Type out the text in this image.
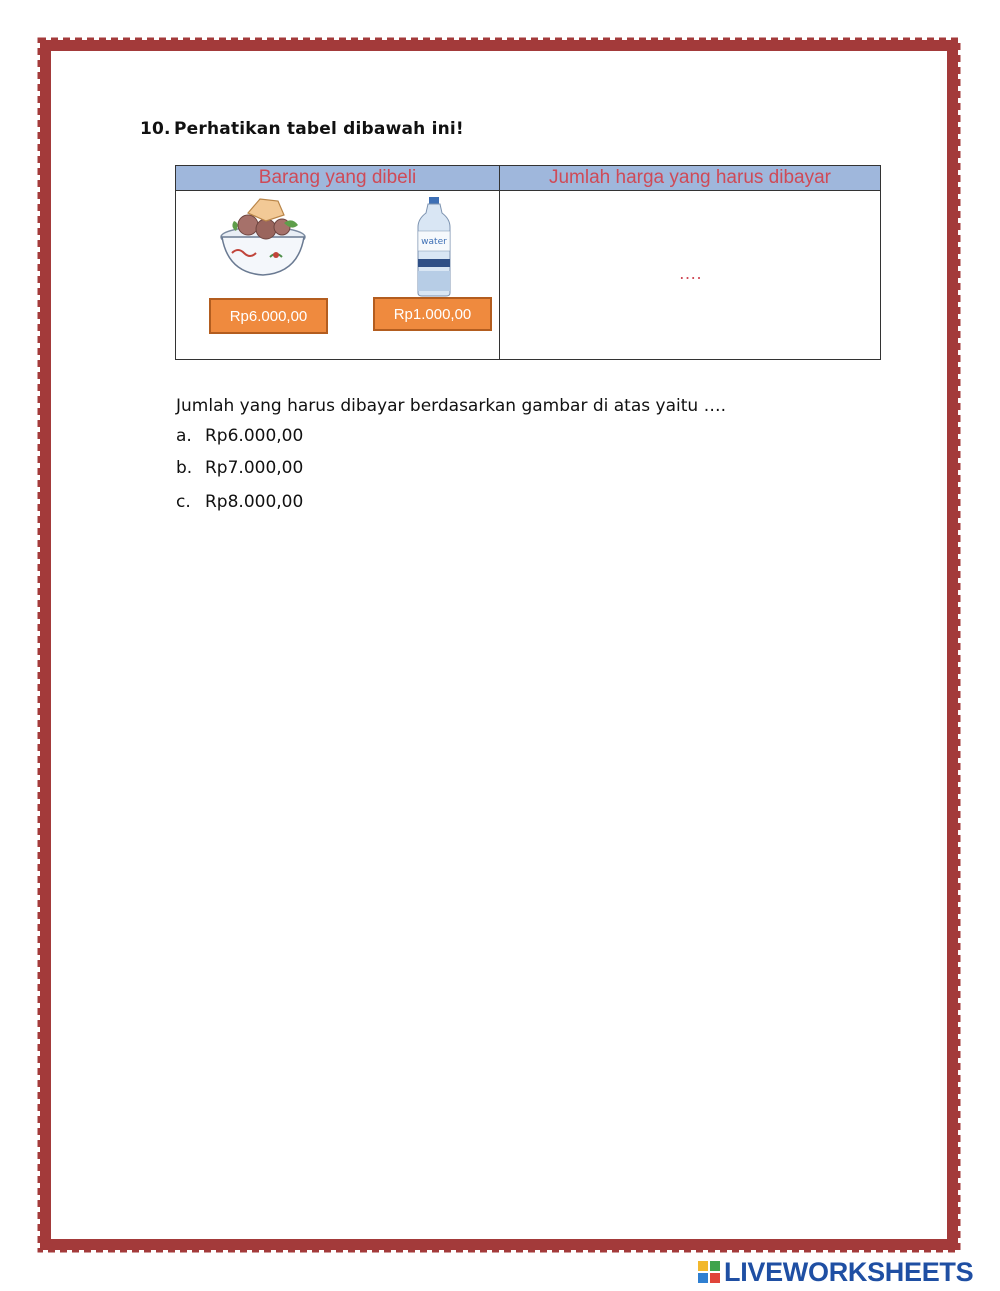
10. Perhatikan tabel dibawah ini!
Barang yang dibeli	Jumlah harga yang harus dibayar

water
Rp6.000,00 Rp1.000,00	….
Jumlah yang harus dibayar berdasarkan gambar di atas yaitu ….
a. Rp6.000,00
b. Rp7.000,00
c. Rp8.000,00
LIVEWORKSHEETS
